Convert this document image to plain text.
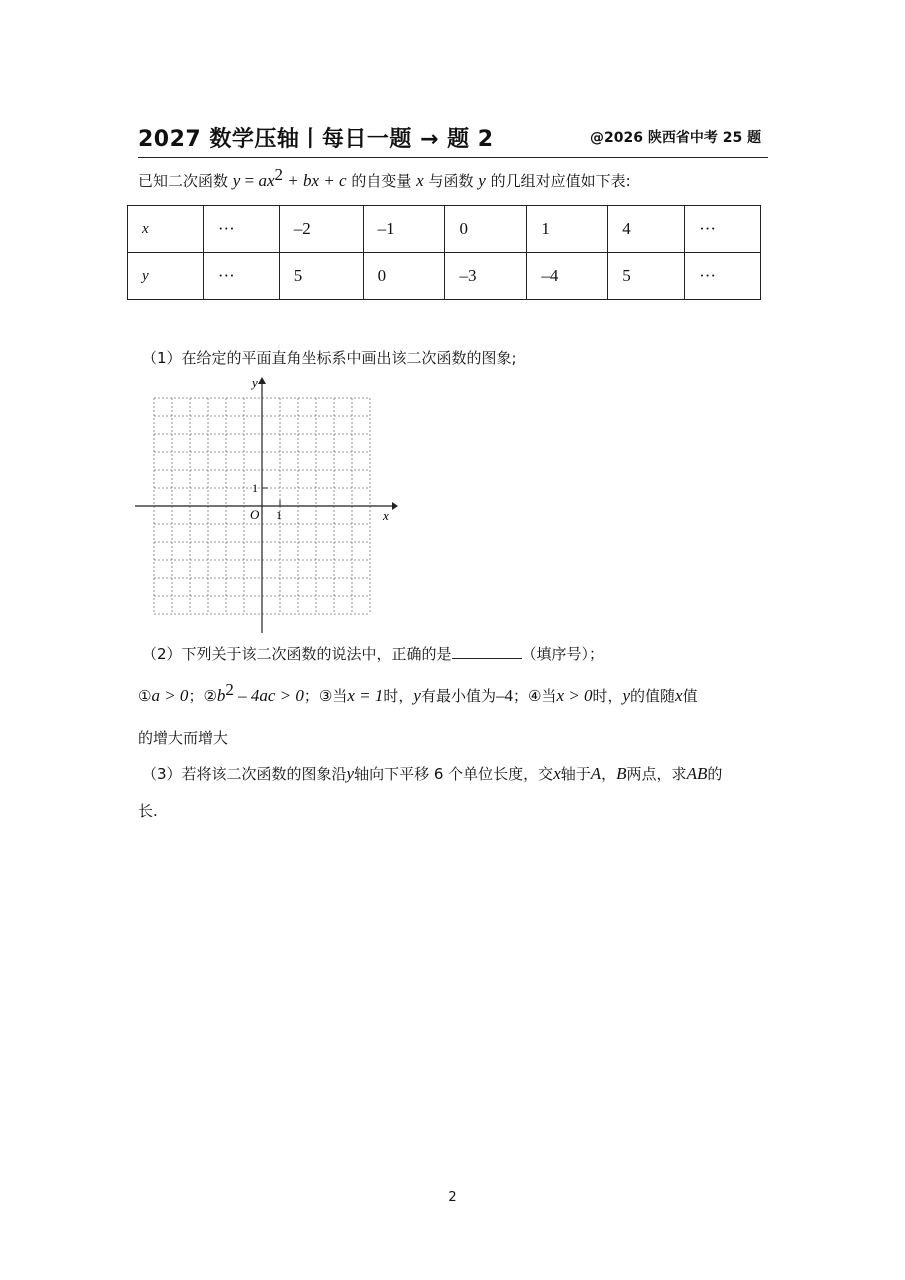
2027 数学压轴丨每日一题 → 题 2	@2026 陕西省中考 25 题
已知二次函数 $y = ax^2$ + bx + c 的自变量 x 与函数 y 的几组对应值如下表:
x	···	–2	–1	0	1	4	···
y	···	5	0	–3	–4	5	···
（1）在给定的平面直角坐标系中画出该二次函数的图象;
y
x
O
1
1
（2）下列关于该二次函数的说法中，正确的是	（填序号）；
①a > 0；$②b^2 - 4ac > 0$；③当x = 1时，y有最小值为–4；④当x > 0时，y的值随x值
的增大而增大
（3）若将该二次函数的图象沿y轴向下平移 6 个单位长度，交x轴于A，B两点，求AB的
长.
2
